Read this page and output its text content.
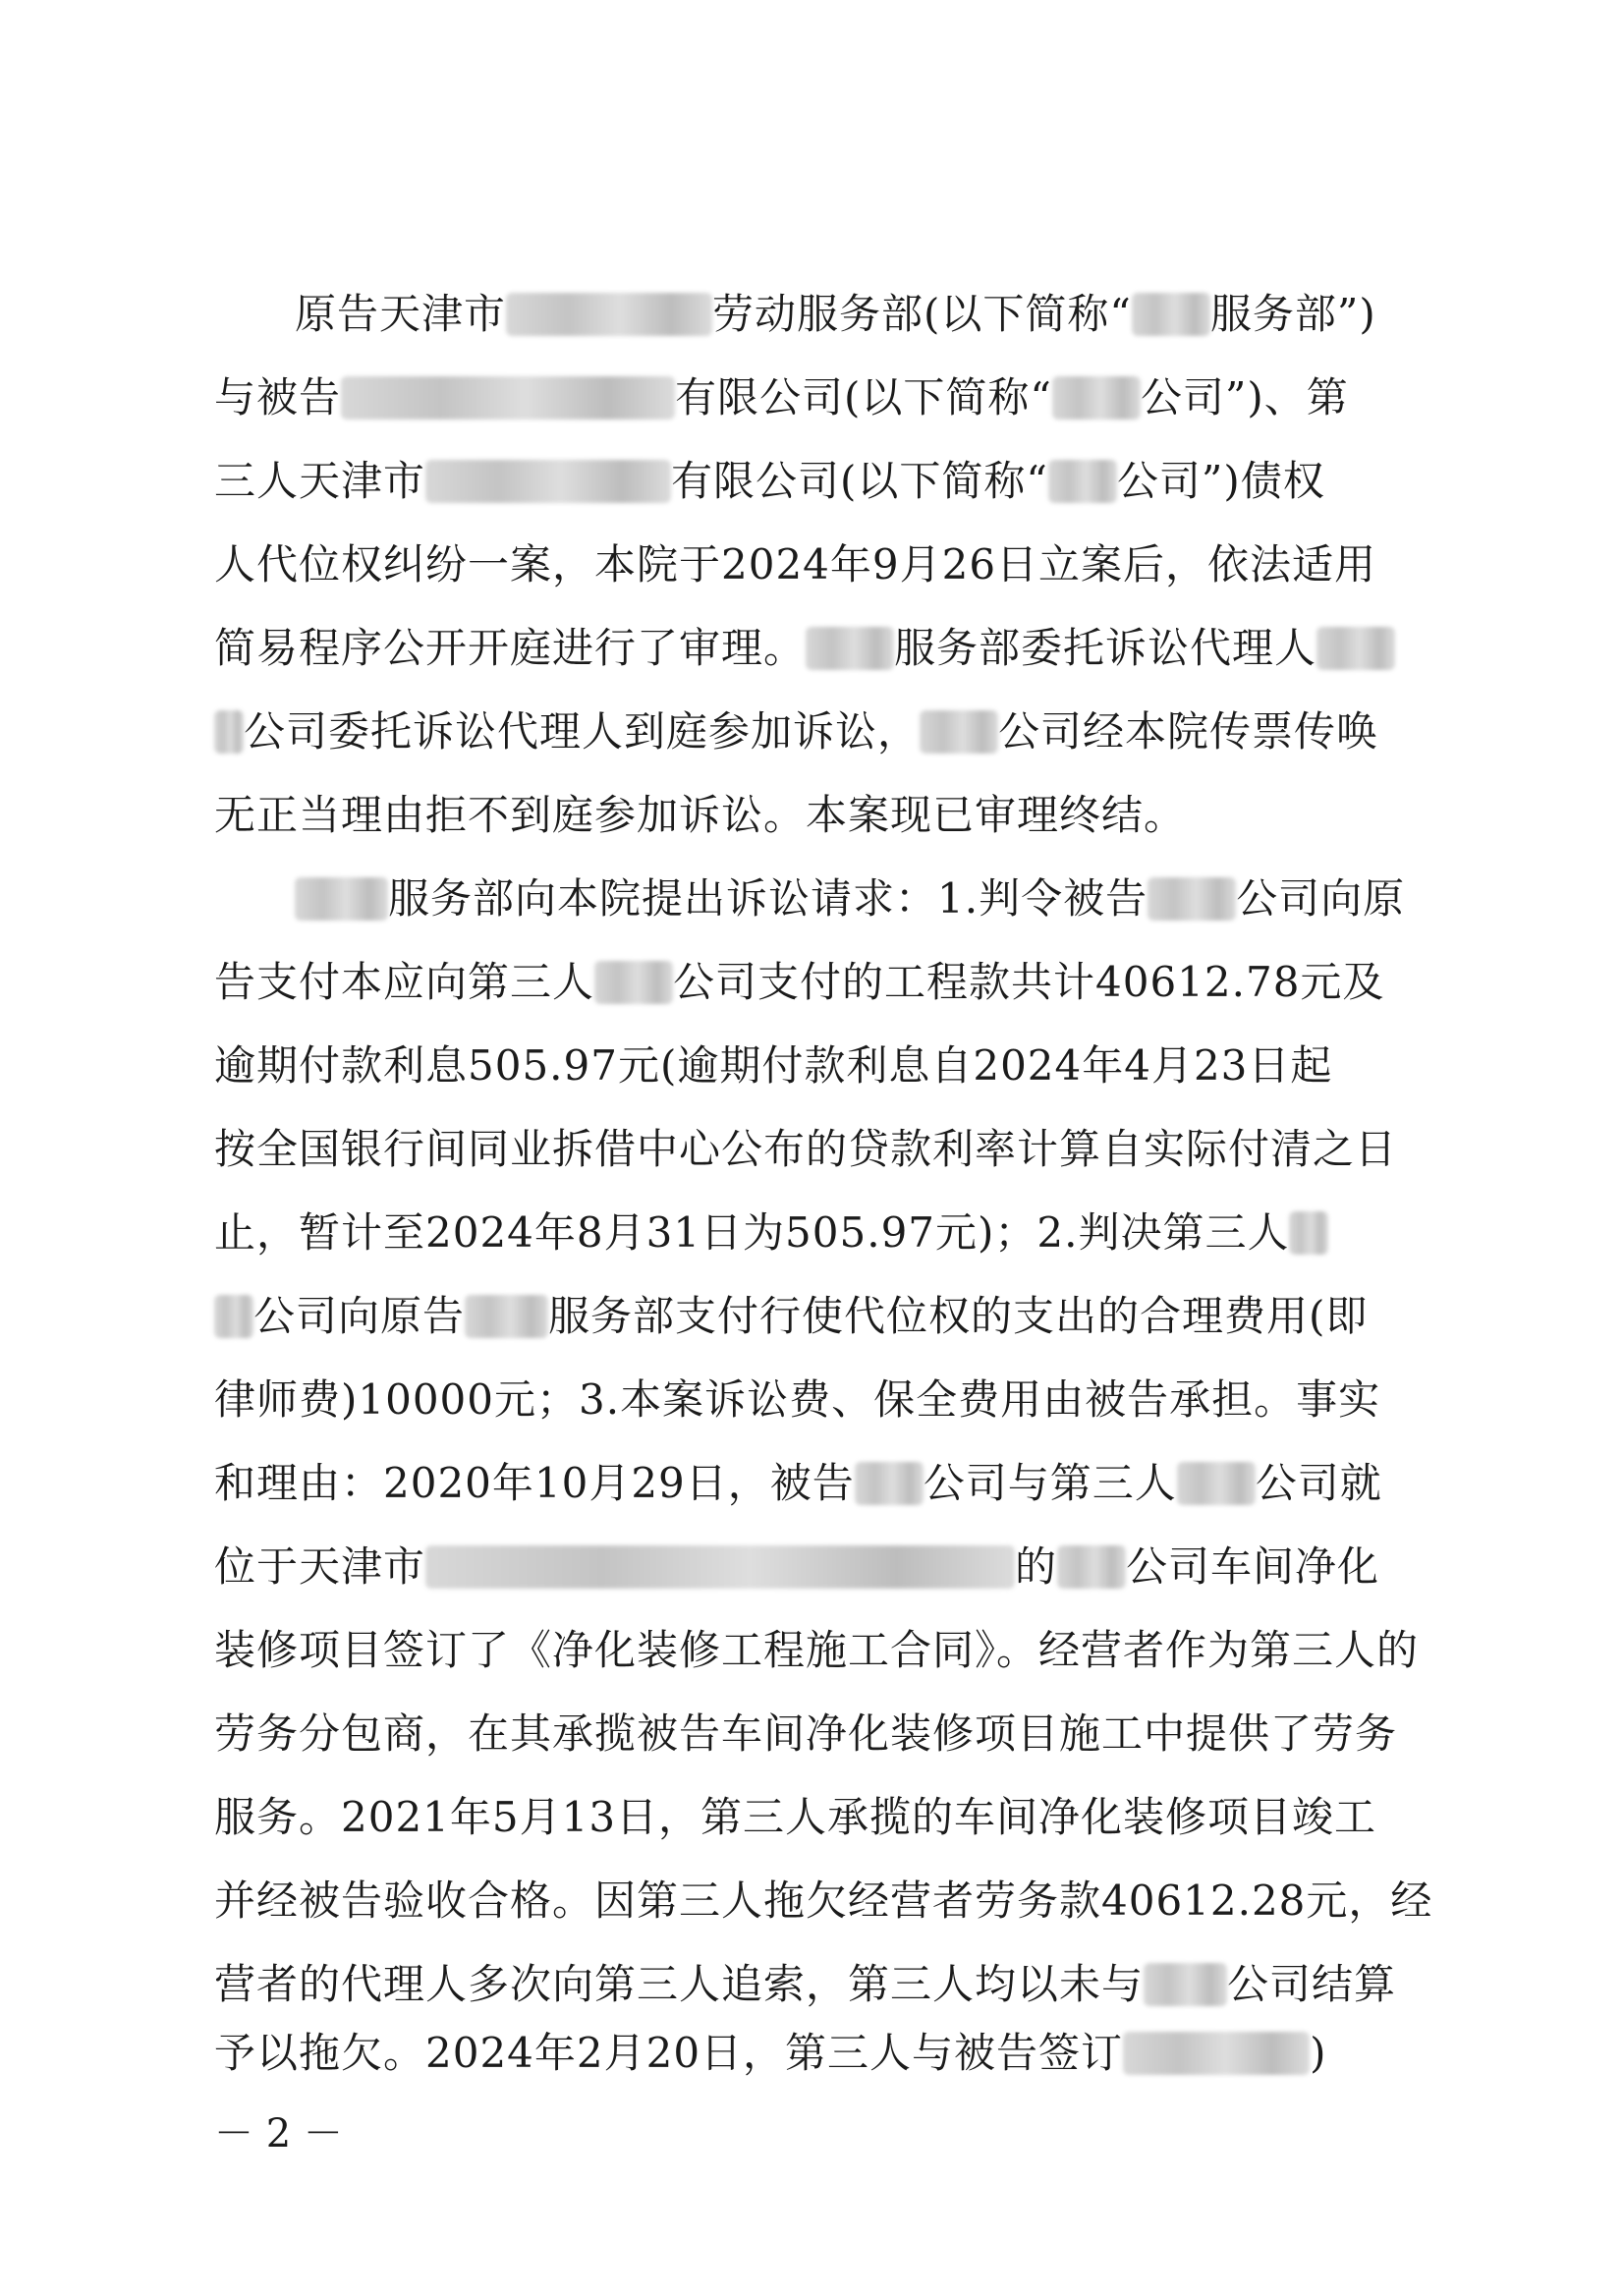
原告天津市	劳动服务部(以下简称“ 服务部”)
与被告	有限公司(以下简称“ 公司”)、第
三人天津市	有限公司(以下简称“ 公司”)债权
人代位权纠纷一案，本院于2024年9月26日立案后，依法适用
简易程序公开开庭进行了审理。 服务部委托诉讼代理人
公司委托诉讼代理人到庭参加诉讼， 公司经本院传票传唤
无正当理由拒不到庭参加诉讼。本案现已审理终结。
服务部向本院提出诉讼请求：1.判令被告 公司向原
告支付本应向第三人 公司支付的工程款共计40612.78元及
逾期付款利息505.97元(逾期付款利息自2024年4月23日起
按全国银行间同业拆借中心公布的贷款利率计算自实际付清之日
止，暂计至2024年8月31日为505.97元)；2.判决第三人
公司向原告 服务部支付行使代位权的支出的合理费用(即
律师费)10000元；3.本案诉讼费、保全费用由被告承担。事实
和理由：2020年10月29日，被告 公司与第三人 公司就
位于天津市	的 公司车间净化
装修项目签订了《净化装修工程施工合同》。经营者作为第三人的
劳务分包商，在其承揽被告车间净化装修项目施工中提供了劳务
服务。2021年5月13日，第三人承揽的车间净化装修项目竣工
并经被告验收合格。因第三人拖欠经营者劳务款40612.28元，经
营者的代理人多次向第三人追索，第三人均以未与 公司结算
予以拖欠。2024年2月20日，第三人与被告签订	)
－ 2 －
